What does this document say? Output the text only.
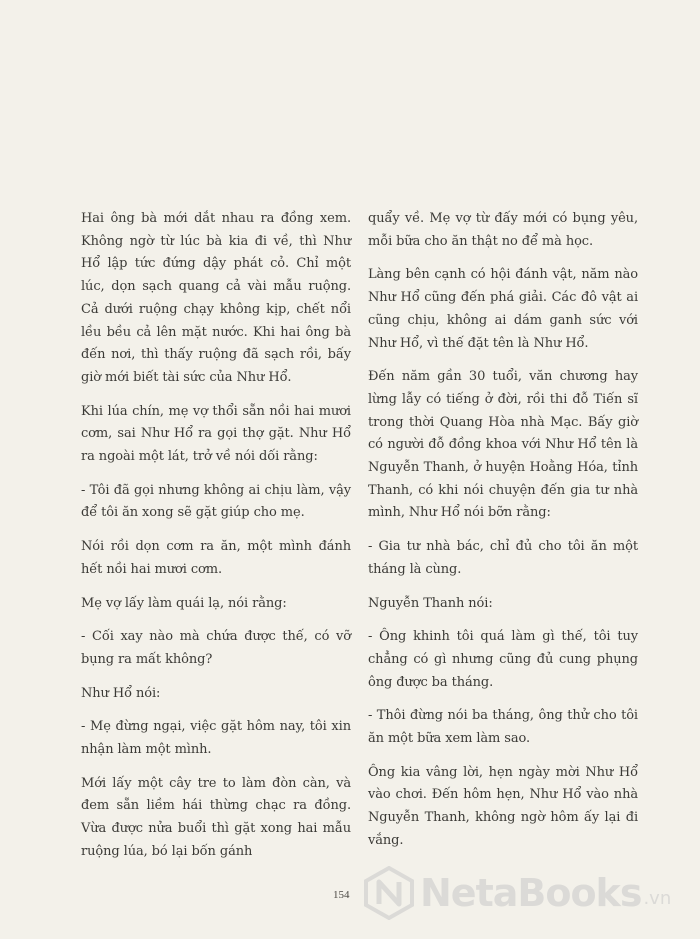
Hai ông bà mới dắt nhau ra đồng xem. Không ngờ từ lúc bà kia đi về, thì Như Hổ lập tức đứng dậy phát cỏ. Chỉ một lúc, dọn sạch quang cả vài mẫu ruộng. Cả dưới ruộng chạy không kịp, chết nổi lều bều cả lên mặt nước. Khi hai ông bà đến nơi, thì thấy ruộng đã sạch rồi, bấy giờ mới biết tài sức của Như Hổ.

Khi lúa chín, mẹ vợ thổi sẵn nồi hai mươi cơm, sai Như Hổ ra gọi thợ gặt. Như Hổ ra ngoài một lát, trở về nói dối rằng:

- Tôi đã gọi nhưng không ai chịu làm, vậy để tôi ăn xong sẽ gặt giúp cho mẹ.

Nói rồi dọn cơm ra ăn, một mình đánh hết nồi hai mươi cơm.

Mẹ vợ lấy làm quái lạ, nói rằng:

- Cối xay nào mà chứa được thế, có vỡ bụng ra mất không?

Như Hổ nói:

- Mẹ đừng ngại, việc gặt hôm nay, tôi xin nhận làm một mình.

Mới lấy một cây tre to làm đòn càn, và đem sẵn liềm hái thừng chạc ra đồng. Vừa được nửa buổi thì gặt xong hai mẫu ruộng lúa, bó lại bốn gánh

quẩy về. Mẹ vợ từ đấy mới có bụng yêu, mỗi bữa cho ăn thật no để mà học.

Làng bên cạnh có hội đánh vật, năm nào Như Hổ cũng đến phá giải. Các đô vật ai cũng chịu, không ai dám ganh sức với Như Hổ, vì thế đặt tên là Như Hổ.

Đến năm gần 30 tuổi, văn chương hay lừng lẫy có tiếng ở đời, rồi thi đỗ Tiến sĩ trong thời Quang Hòa nhà Mạc. Bấy giờ có người đỗ đồng khoa với Như Hổ tên là Nguyễn Thanh, ở huyện Hoằng Hóa, tỉnh Thanh, có khi nói chuyện đến gia tư nhà mình, Như Hổ nói bỡn rằng:

- Gia tư nhà bác, chỉ đủ cho tôi ăn một tháng là cùng.

Nguyễn Thanh nói:

- Ông khinh tôi quá làm gì thế, tôi tuy chẳng có gì nhưng cũng đủ cung phụng ông được ba tháng.

- Thôi đừng nói ba tháng, ông thử cho tôi ăn một bữa xem làm sao.

Ông kia vâng lời, hẹn ngày mời Như Hổ vào chơi. Đến hôm hẹn, Như Hổ vào nhà Nguyễn Thanh, không ngờ hôm ấy lại đi vắng.

154 NetaBooks .vn
